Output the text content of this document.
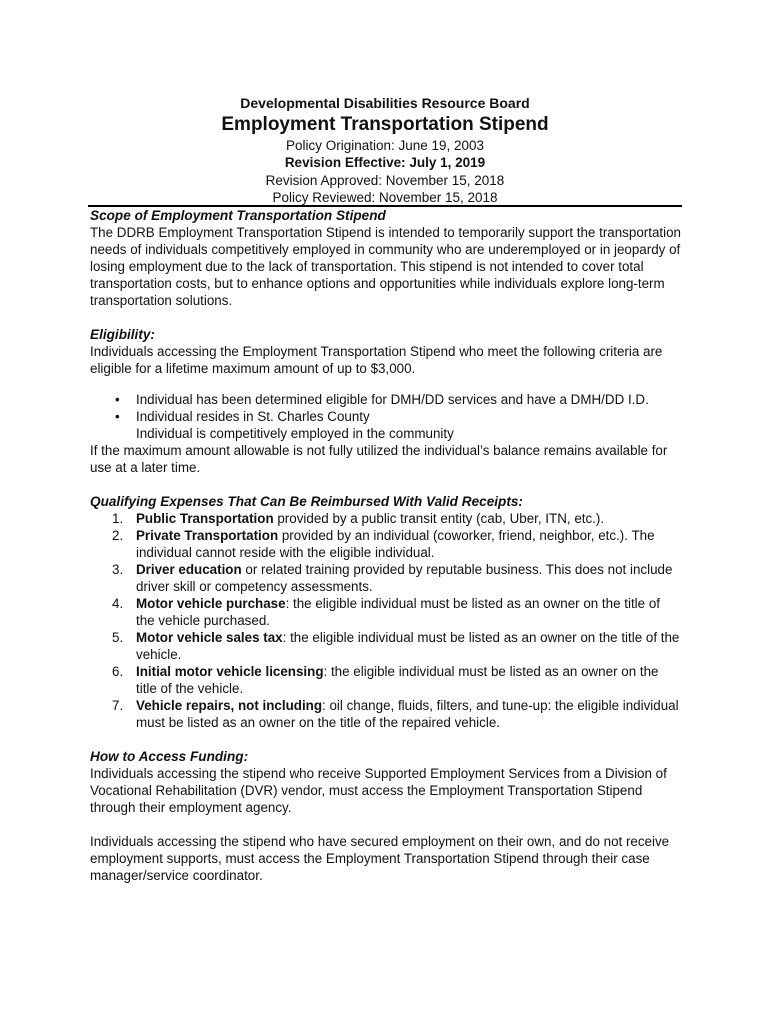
Developmental Disabilities Resource Board
Employment Transportation Stipend
Policy Origination: June 19, 2003
Revision Effective: July 1, 2019
Revision Approved: November 15, 2018
Policy Reviewed: November 15, 2018
Scope of Employment Transportation Stipend

The DDRB Employment Transportation Stipend is intended to temporarily support the transportation needs of individuals competitively employed in community who are underemployed or in jeopardy of losing employment due to the lack of transportation. This stipend is not intended to cover total transportation costs, but to enhance options and opportunities while individuals explore long-term transportation solutions.

Eligibility:

Individuals accessing the Employment Transportation Stipend who meet the following criteria are eligible for a lifetime maximum amount of up to $3,000.

• Individual has been determined eligible for DMH/DD services and have a DMH/DD I.D.
• Individual resides in St. Charles County
Individual is competitively employed in the community

If the maximum amount allowable is not fully utilized the individual’s balance remains available for use at a later time.

Qualifying Expenses That Can Be Reimbursed With Valid Receipts:
1. Public Transportation provided by a public transit entity (cab, Uber, ITN, etc.).
2. Private Transportation provided by an individual (coworker, friend, neighbor, etc.). The individual cannot reside with the eligible individual.
3. Driver education or related training provided by reputable business. This does not include driver skill or competency assessments.
4. Motor vehicle purchase: the eligible individual must be listed as an owner on the title of the vehicle purchased.
5. Motor vehicle sales tax: the eligible individual must be listed as an owner on the title of the vehicle.
6. Initial motor vehicle licensing: the eligible individual must be listed as an owner on the title of the vehicle.
7. Vehicle repairs, not including: oil change, fluids, filters, and tune-up: the eligible individual must be listed as an owner on the title of the repaired vehicle.
How to Access Funding:

Individuals accessing the stipend who receive Supported Employment Services from a Division of Vocational Rehabilitation (DVR) vendor, must access the Employment Transportation Stipend through their employment agency.

Individuals accessing the stipend who have secured employment on their own, and do not receive employment supports, must access the Employment Transportation Stipend through their case manager/service coordinator.
